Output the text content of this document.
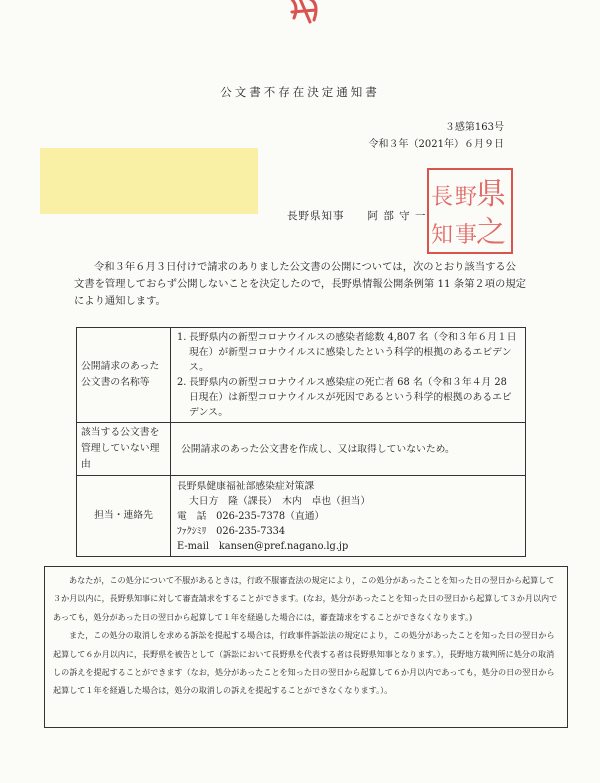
公文書不存在決定通知書
３感第163号
令和３年（2021年）６月９日
長野県知事　　阿 部 守 一
県
之
野
事
長
知
令和３年６月３日付けで請求のありました公文書の公開については，次のとおり該当する公文書を管理しておらず公開しないことを決定したので，長野県情報公開条例第 11 条第２項の規定により通知します。
公開請求のあった公文書の名称等	1. 長野県内の新型コロナウイルスの感染者総数 4,807 名（令和３年６月１日現在）が新型コロナウイルスに感染したという科学的根拠のあるエビデンス。
2. 長野県内の新型コロナウイルス感染症の死亡者 68 名（令和３年４月 28 日現在）は新型コロナウイルスが死因であるという科学的根拠のあるエビデンス。

該当する公文書を管理していない理由	公開請求のあった公文書を作成し、又は取得していないため。
担当・連絡先	長野県健康福祉部感染症対策課
大日方　隆（課長）　木内　卓也（担当）
電　話　026-235-7378（直通）
ﾌｧｸｼﾐﾘ　026-235-7334
E-mail　kansen@pref.nagano.lg.jp

あなたが，この処分について不服があるときは，行政不服審査法の規定により，この処分があったことを知った日の翌日から起算して３か月以内に，長野県知事に対して審査請求をすることができます。(なお，処分があったことを知った日の翌日から起算して３か月以内であっても，処分があった日の翌日から起算して１年を経過した場合には，審査請求をすることができなくなります。)

また，この処分の取消しを求める訴訟を提起する場合は，行政事件訴訟法の規定により，この処分があったことを知った日の翌日から起算して６か月以内に，長野県を被告として（訴訟において長野県を代表する者は長野県知事となります。），長野地方裁判所に処分の取消しの訴えを提起することができます（なお，処分があったことを知った日の翌日から起算して６か月以内であっても，処分の日の翌日から起算して１年を経過した場合は，処分の取消しの訴えを提起することができなくなります。）。
